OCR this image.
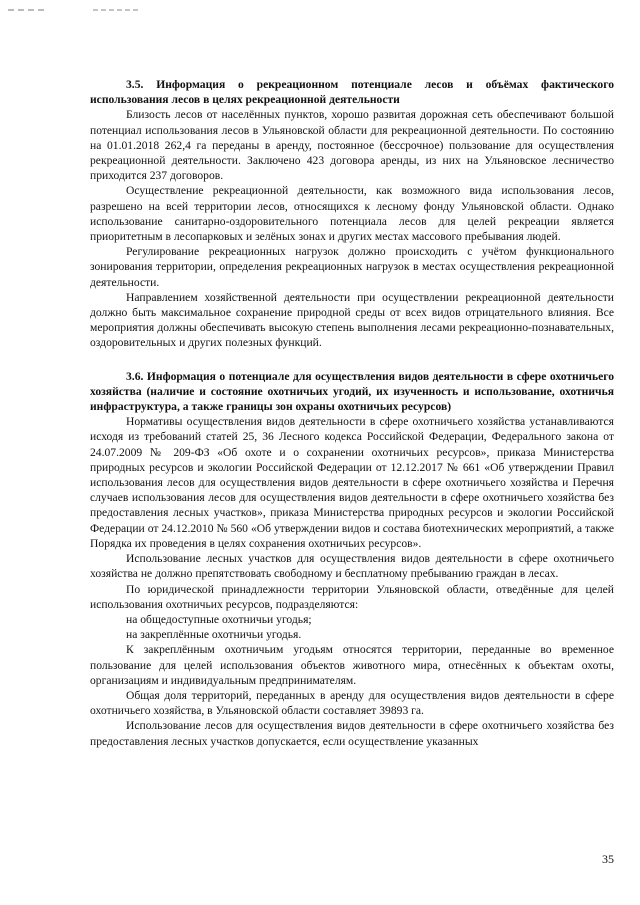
3.5. Информация о рекреационном потенциале лесов и объёмах фактического использования лесов в целях рекреационной деятельности

Близость лесов от населённых пунктов, хорошо развитая дорожная сеть обеспечивают большой потенциал использования лесов в Ульяновской области для рекреационной деятельности. По состоянию на 01.01.2018 262,4 га переданы в аренду, постоянное (бессрочное) пользование для осуществления рекреационной деятельности. Заключено 423 договора аренды, из них на Ульяновское лесничество приходится 237 договоров.

Осуществление рекреационной деятельности, как возможного вида использования лесов, разрешено на всей территории лесов, относящихся к лесному фонду Ульяновской области. Однако использование санитарно-оздоровительного потенциала лесов для целей рекреации является приоритетным в лесопарковых и зелёных зонах и других местах массового пребывания людей.

Регулирование рекреационных нагрузок должно происходить с учётом функционального зонирования территории, определения рекреационных нагрузок в местах осуществления рекреационной деятельности.

Направлением хозяйственной деятельности при осуществлении рекреационной деятельности должно быть максимальное сохранение природной среды от всех видов отрицательного влияния. Все мероприятия должны обеспечивать высокую степень выполнения лесами рекреационно-познавательных, оздоровительных и других полезных функций.

3.6. Информация о потенциале для осуществления видов деятельности в сфере охотничьего хозяйства (наличие и состояние охотничьих угодий, их изученность и использование, охотничья инфраструктура, а также границы зон охраны охотничьих ресурсов)

Нормативы осуществления видов деятельности в сфере охотничьего хозяйства устанавливаются исходя из требований статей 25, 36 Лесного кодекса Российской Федерации, Федерального закона от 24.07.2009 № 209-ФЗ «Об охоте и о сохранении охотничьих ресурсов», приказа Министерства природных ресурсов и экологии Российской Федерации от 12.12.2017 № 661 «Об утверждении Правил использования лесов для осуществления видов деятельности в сфере охотничьего хозяйства и Перечня случаев использования лесов для осуществления видов деятельности в сфере охотничьего хозяйства без предоставления лесных участков», приказа Министерства природных ресурсов и экологии Российской Федерации от 24.12.2010 № 560 «Об утверждении видов и состава биотехнических мероприятий, а также Порядка их проведения в целях сохранения охотничьих ресурсов».

Использование лесных участков для осуществления видов деятельности в сфере охотничьего хозяйства не должно препятствовать свободному и бесплатному пребыванию граждан в лесах.

По юридической принадлежности территории Ульяновской области, отведённые для целей использования охотничьих ресурсов, подразделяются:

на общедоступные охотничьи угодья;

на закреплённые охотничьи угодья.

К закреплённым охотничьим угодьям относятся территории, переданные во временное пользование для целей использования объектов животного мира, отнесённых к объектам охоты, организациям и индивидуальным предпринимателям.

Общая доля территорий, переданных в аренду для осуществления видов деятельности в сфере охотничьего хозяйства, в Ульяновской области составляет 39893 га.

Использование лесов для осуществления видов деятельности в сфере охотничьего хозяйства без предоставления лесных участков допускается, если осуществление указанных

35
